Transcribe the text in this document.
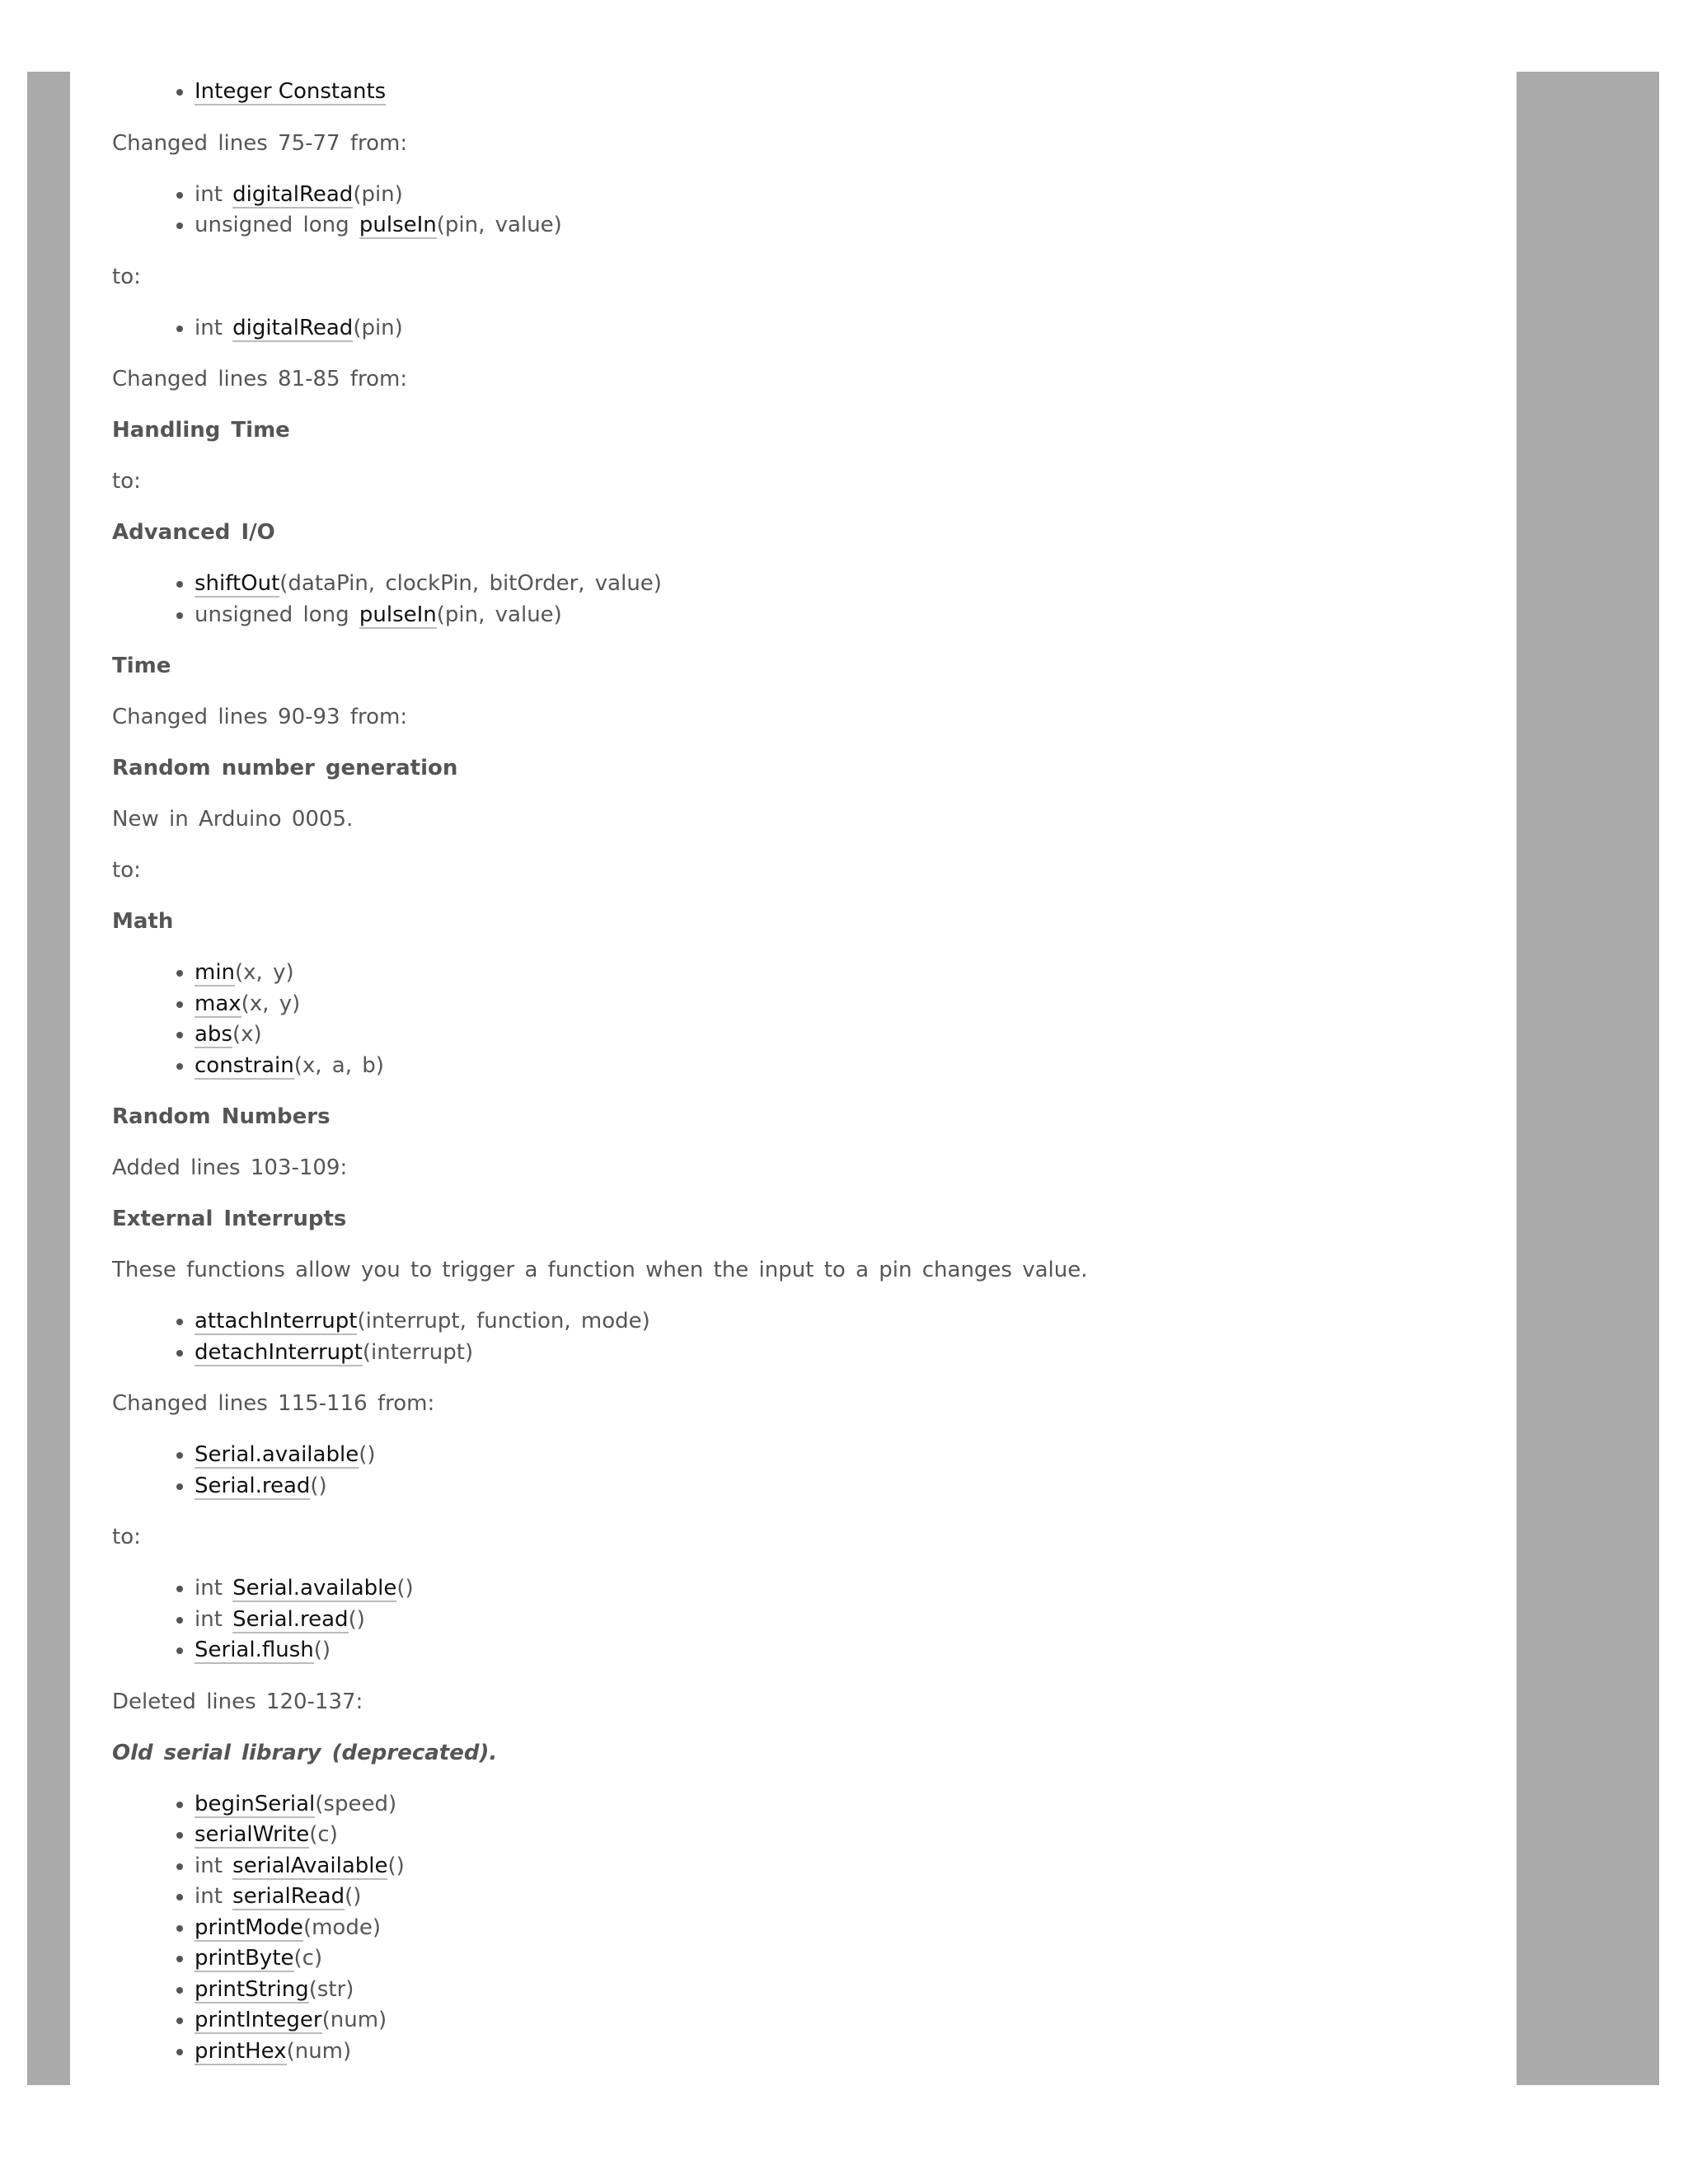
• Integer Constants

Changed lines 75-77 from:

• int digitalRead(pin)
• unsigned long pulseIn(pin, value)

to:

• int digitalRead(pin)

Changed lines 81-85 from:

Handling Time

to:

Advanced I/O

• shiftOut(dataPin, clockPin, bitOrder, value)
• unsigned long pulseIn(pin, value)

Time

Changed lines 90-93 from:

Random number generation

New in Arduino 0005.

to:

Math

• min(x, y)
• max(x, y)
• abs(x)
• constrain(x, a, b)

Random Numbers

Added lines 103-109:

External Interrupts

These functions allow you to trigger a function when the input to a pin changes value.

• attachInterrupt(interrupt, function, mode)
• detachInterrupt(interrupt)

Changed lines 115-116 from:

• Serial.available()
• Serial.read()

to:

• int Serial.available()
• int Serial.read()
• Serial.flush()

Deleted lines 120-137:

Old serial library (deprecated).

• beginSerial(speed)
• serialWrite(c)
• int serialAvailable()
• int serialRead()
• printMode(mode)
• printByte(c)
• printString(str)
• printInteger(num)
• printHex(num)
